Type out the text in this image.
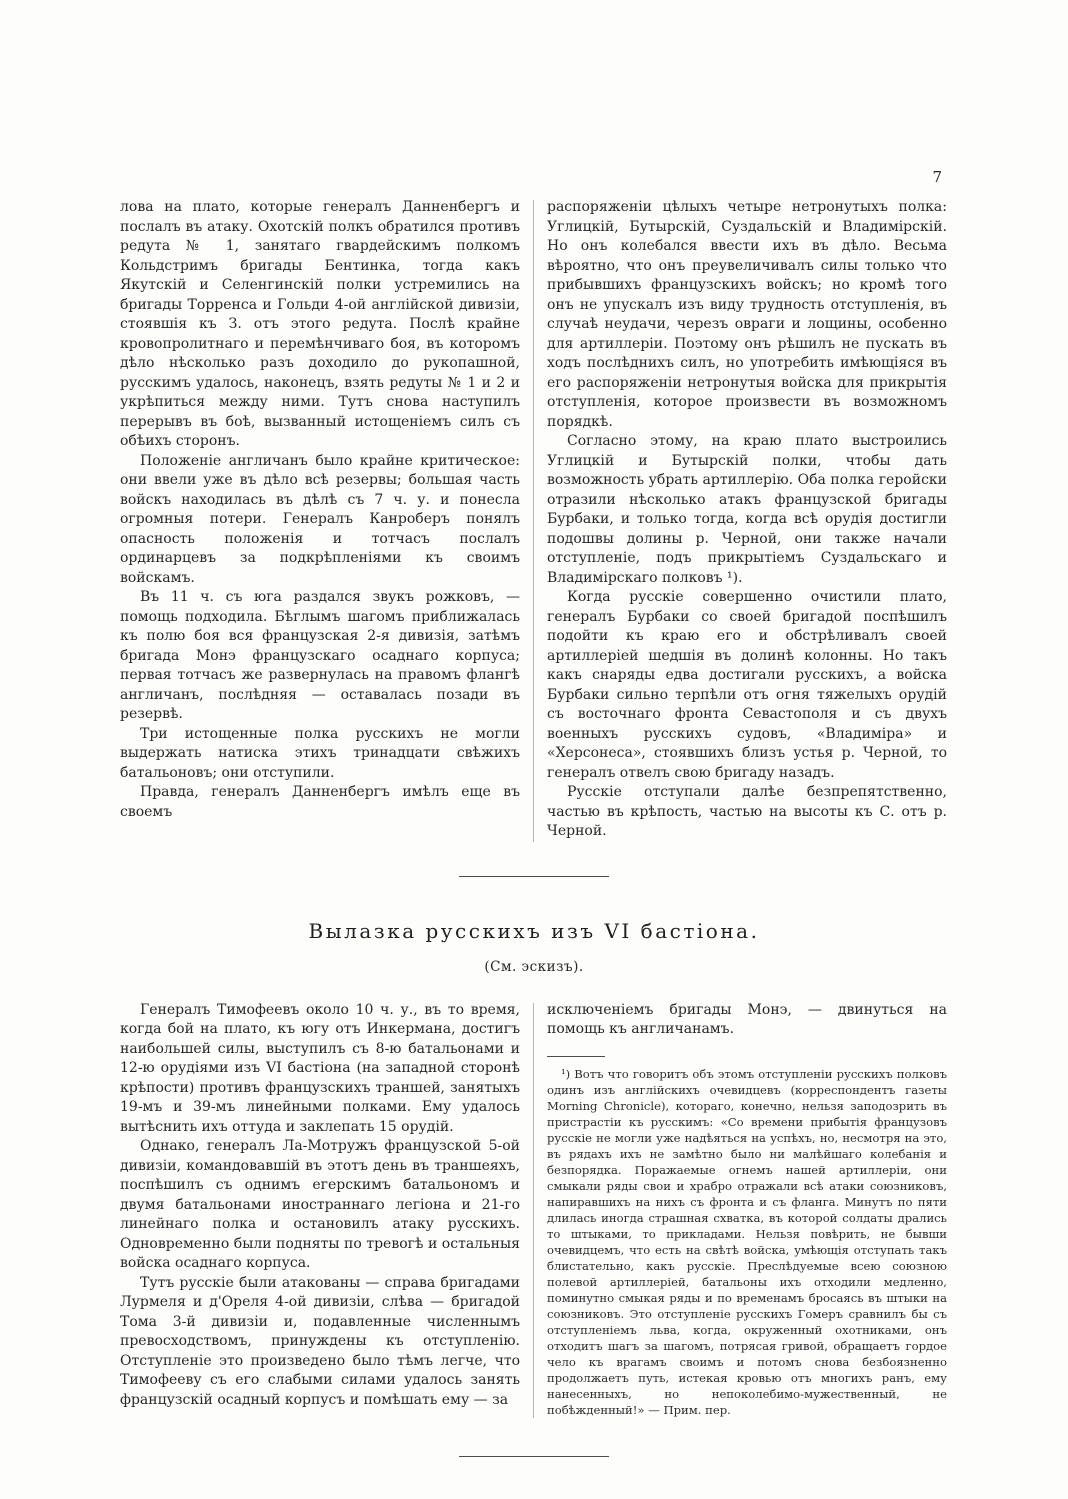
7

лова на плато, которые генералъ Данненбергъ и послалъ въ атаку. Охотскій полкъ обратился противъ редута № 1, занятаго гвардейскимъ полкомъ Кольдстримъ бригады Бентинка, тогда какъ Якутскій и Селенгинскій полки устремились на бригады Торренса и Гольди 4-ой англійской дивизіи, стоявшія къ З. отъ этого редута. Послѣ крайне кровопролитнаго и перемѣнчиваго боя, въ которомъ дѣло нѣсколько разъ доходило до рукопашной, русскимъ удалось, наконецъ, взять редуты № 1 и 2 и укрѣпиться между ними. Тутъ снова наступилъ перерывъ въ боѣ, вызванный истощеніемъ силъ съ обѣихъ сторонъ.

Положеніе англичанъ было крайне критическое: они ввели уже въ дѣло всѣ резервы; большая часть войскъ находилась въ дѣлѣ съ 7 ч. у. и понесла огромныя потери. Генералъ Канроберъ понялъ опасность положенія и тотчасъ послалъ ординарцевъ за подкрѣпленіями къ своимъ войскамъ.

Въ 11 ч. съ юга раздался звукъ рожковъ, — помощь подходила. Бѣглымъ шагомъ приближалась къ полю боя вся французская 2-я дивизія, затѣмъ бригада Монэ французскаго осаднаго корпуса; первая тотчасъ же развернулась на правомъ флангѣ англичанъ, послѣдняя — оставалась позади въ резервѣ.

Три истощенные полка русскихъ не могли выдержать натиска этихъ тринадцати свѣжихъ батальоновъ; они отступили.

Правда, генералъ Данненбергъ имѣлъ еще въ своемъ

распоряженіи цѣлыхъ четыре нетронутыхъ полка: Углицкій, Бутырскій, Суздальскій и Владимірскій. Но онъ колебался ввести ихъ въ дѣло. Весьма вѣроятно, что онъ преувеличивалъ силы только что прибывшихъ французскихъ войскъ; но кромѣ того онъ не упускалъ изъ виду трудность отступленія, въ случаѣ неудачи, черезъ овраги и лощины, особенно для артиллеріи. Поэтому онъ рѣшилъ не пускать въ ходъ послѣднихъ силъ, но употребить имѣющіяся въ его распоряженіи нетронутыя войска для прикрытія отступленія, которое произвести въ возможномъ порядкѣ.

Согласно этому, на краю плато выстроились Углицкій и Бутырскій полки, чтобы дать возможность убрать артиллерію. Оба полка геройски отразили нѣсколько атакъ французской бригады Бурбаки, и только тогда, когда всѣ орудія достигли подошвы долины р. Черной, они также начали отступленіе, подъ прикрытіемъ Суздальскаго и Владимірскаго полковъ ¹).

Когда русскіе совершенно очистили плато, генералъ Бурбаки со своей бригадой поспѣшилъ подойти къ краю его и обстрѣливалъ своей артиллеріей шедшія въ долинѣ колонны. Но такъ какъ снаряды едва достигали русскихъ, а войска Бурбаки сильно терпѣли отъ огня тяжелыхъ орудій съ восточнаго фронта Севастополя и съ двухъ военныхъ русскихъ судовъ, «Владиміра» и «Херсонеса», стоявшихъ близъ устья р. Черной, то генералъ отвелъ свою бригаду назадъ.

Русскіе отступали далѣе безпрепятственно, частью въ крѣпость, частью на высоты къ С. отъ р. Черной.

Вылазка русскихъ изъ VI бастіона.
(См. эскизъ).

Генералъ Тимофеевъ около 10 ч. у., въ то время, когда бой на плато, къ югу отъ Инкермана, достигъ наибольшей силы, выступилъ съ 8-ю батальонами и 12-ю орудіями изъ VI бастіона (на западной сторонѣ крѣпости) противъ французскихъ траншей, занятыхъ 19-мъ и 39-мъ линейными полками. Ему удалось вытѣснить ихъ оттуда и заклепать 15 орудій.

Однако, генералъ Ла-Мотружъ французской 5-ой дивизіи, командовавшій въ этотъ день въ траншеяхъ, поспѣшилъ съ однимъ егерскимъ батальономъ и двумя батальонами иностраннаго легіона и 21-го линейнаго полка и остановилъ атаку русскихъ. Одновременно были подняты по тревогѣ и остальныя войска осаднаго корпуса.

Тутъ русскіе были атакованы — справа бригадами Лурмеля и д'Ореля 4-ой дивизіи, слѣва — бригадой Тома 3-й дивизіи и, подавленные численнымъ превосходствомъ, принуждены къ отступленію. Отступленіе это произведено было тѣмъ легче, что Тимофееву съ его слабыми силами удалось занять французскій осадный корпусъ и помѣшать ему — за

исключеніемъ бригады Монэ, — двинуться на помощь къ англичанамъ.

¹) Вотъ что говоритъ объ этомъ отступленіи русскихъ полковъ одинъ изъ англійскихъ очевидцевъ (корреспондентъ газеты Morning Chronicle), котораго, конечно, нельзя заподозрить въ пристрастіи къ русскимъ: «Со времени прибытія французовъ русскіе не могли уже надѣяться на успѣхъ, но, несмотря на это, въ рядахъ ихъ не замѣтно было ни малѣйшаго колебанія и безпорядка. Поражаемые огнемъ нашей артиллеріи, они смыкали ряды свои и храбро отражали всѣ атаки союзниковъ, напиравшихъ на нихъ съ фронта и съ фланга. Минутъ по пяти длилась иногда страшная схватка, въ которой солдаты дрались то штыками, то прикладами. Нельзя повѣрить, не бывши очевидцемъ, что есть на свѣтѣ войска, умѣющія отступать такъ блистательно, какъ русскіе. Преслѣдуемые всею союзною полевой артиллеріей, батальоны ихъ отходили медленно, поминутно смыкая ряды и по временамъ бросаясь въ штыки на союзниковъ. Это отступленіе русскихъ Гомеръ сравнилъ бы съ отступленіемъ льва, когда, окруженный охотниками, онъ отходитъ шагъ за шагомъ, потрясая гривой, обращаетъ гордое чело къ врагамъ своимъ и потомъ снова безбоязненно продолжаетъ путь, истекая кровью отъ многихъ ранъ, ему нанесенныхъ, но непоколебимо-мужественный, не побѣжденный!» — Прим. пер.
